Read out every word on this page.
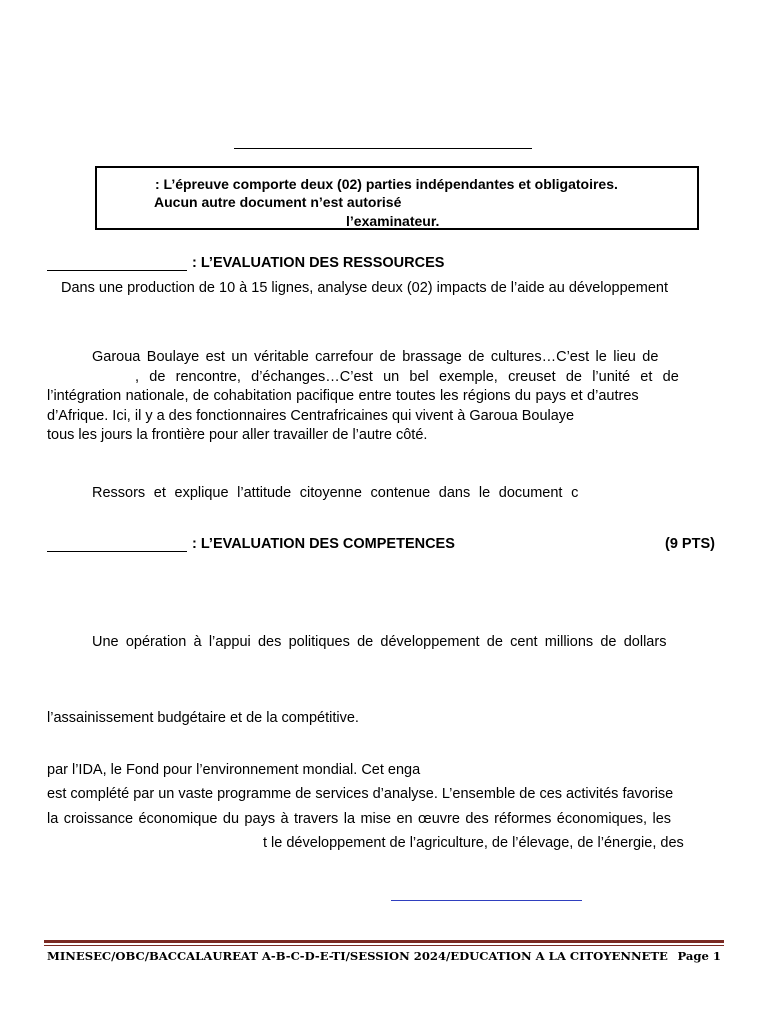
: L’épreuve comporte deux (02) parties indépendantes et obligatoires.
Aucun autre document n’est autorisé
l’examinateur.
: L’EVALUATION DES RESSOURCES
Dans une production de 10 à 15 lignes, analyse deux (02) impacts de l’aide au développement
Garoua Boulaye est un véritable carrefour de brassage de cultures…C’est le lieu de
, de rencontre, d’échanges…C’est un bel exemple, creuset de l’unité et de
l’intégration nationale, de cohabitation pacifique entre toutes les régions du pays et d’autres
d’Afrique. Ici, il y a des fonctionnaires Centrafricaines qui vivent à Garoua Boulaye
tous les jours la frontière pour aller travailler de l’autre côté.
Ressors et explique l’attitude citoyenne contenue dans le document c
: L’EVALUATION DES COMPETENCES	(9 PTS)
Une opération à l’appui des politiques de développement de cent millions de dollars
l’assainissement budgétaire et de la compétitive.
par l’IDA, le Fond pour l’environnement mondial. Cet enga
est complété par un vaste programme de services d’analyse. L’ensemble de ces activités favorise
la croissance économique du pays à travers la mise en œuvre des réformes économiques, les
t le développement de l’agriculture, de l’élevage, de l’énergie, des
MINESEC/OBC/BACCALAUREAT A-B-C-D-E-TI/SESSION 2024/EDUCATION A LA CITOYENNETE Page 1
